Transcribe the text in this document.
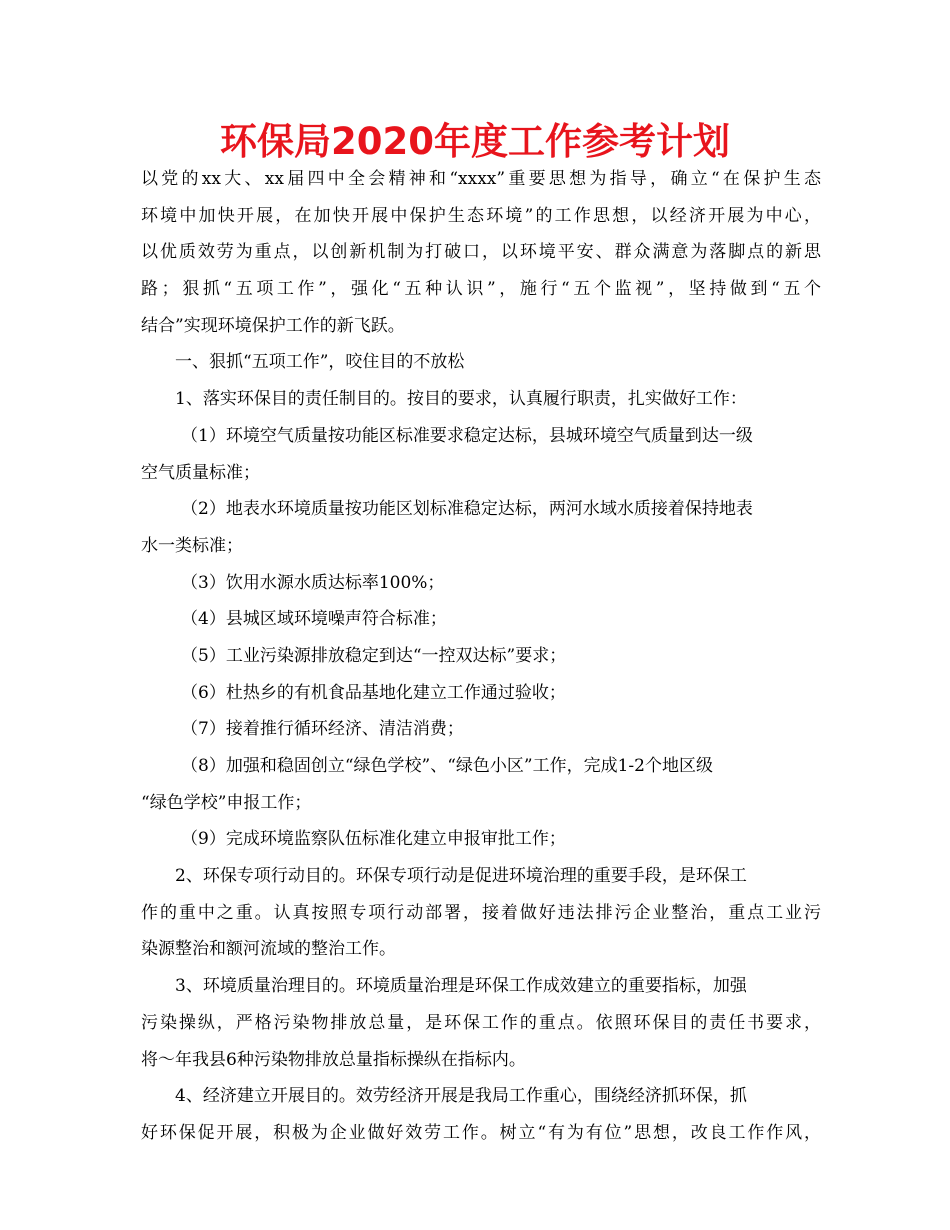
环保局2020年度工作参考计划
以党的xx大、xx届四中全会精神和“xxxx”重要思想为指导，确立“在保护生态
环境中加快开展，在加快开展中保护生态环境”的工作思想，以经济开展为中心，
以优质效劳为重点，以创新机制为打破口，以环境平安、群众满意为落脚点的新思
路；狠抓“五项工作”，强化“五种认识”，施行“五个监视”，坚持做到“五个
结合”实现环境保护工作的新飞跃。
一、狠抓“五项工作”，咬住目的不放松
1、落实环保目的责任制目的。按目的要求，认真履行职责，扎实做好工作：
（1）环境空气质量按功能区标准要求稳定达标，县城环境空气质量到达一级
空气质量标准；
（2）地表水环境质量按功能区划标准稳定达标，两河水域水质接着保持地表
水一类标准；
（3）饮用水源水质达标率100%；
（4）县城区域环境噪声符合标准；
（5）工业污染源排放稳定到达“一控双达标”要求；
（6）杜热乡的有机食品基地化建立工作通过验收；
（7）接着推行循环经济、清洁消费；
（8）加强和稳固创立“绿色学校”、“绿色小区”工作，完成1-2个地区级
“绿色学校”申报工作；
（9）完成环境监察队伍标准化建立申报审批工作；
2、环保专项行动目的。环保专项行动是促进环境治理的重要手段，是环保工
作的重中之重。认真按照专项行动部署，接着做好违法排污企业整治，重点工业污
染源整治和额河流域的整治工作。
3、环境质量治理目的。环境质量治理是环保工作成效建立的重要指标，加强
污染操纵，严格污染物排放总量，是环保工作的重点。依照环保目的责任书要求，
将～年我县6种污染物排放总量指标操纵在指标内。
4、经济建立开展目的。效劳经济开展是我局工作重心，围绕经济抓环保，抓
好环保促开展，积极为企业做好效劳工作。树立“有为有位”思想，改良工作作风，
